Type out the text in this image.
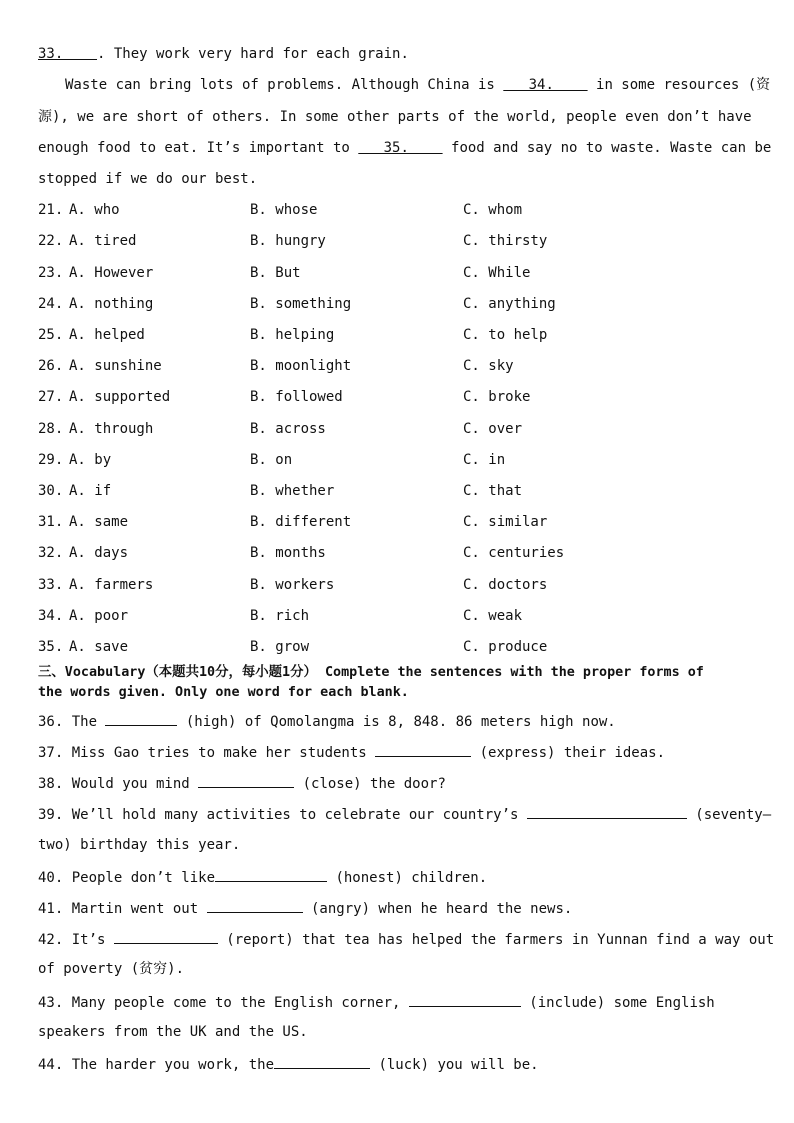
33.    . They work very hard for each grain.
Waste can bring lots of problems. Although China is    34.     in some resources (资
源), we are short of others. In some other parts of the world, people even don’t have
enough food to eat. It’s important to    35.     food and say no to waste. Waste can be
stopped if we do our best.
21. A. who	B. whose	C. whom
22. A. tired	B. hungry	C. thirsty
23. A. However	B. But	C. While
24. A. nothing	B. something	C. anything
25. A. helped	B. helping	C. to help
26. A. sunshine	B. moonlight	C. sky
27. A. supported	B. followed	C. broke
28. A. through	B. across	C. over
29. A. by	B. on	C. in
30. A. if	B. whether	C. that
31. A. same	B. different	C. similar
32. A. days	B. months	C. centuries
33. A. farmers	B. workers	C. doctors
34. A. poor	B. rich	C. weak
35. A. save	B. grow	C. produce
三、Vocabulary（本题共10分，每小题1分） Complete the sentences with the proper forms of
the words given. Only one word for each blank.
36. The	(high) of Qomolangma is 8, 848. 86 meters high now.
37. Miss Gao tries to make her students	(express) their ideas.
38. Would you mind	(close) the door?
39. We’ll hold many activities to celebrate our country’s	(seventy—
two) birthday this year.
40. People don’t like	(honest) children.
41. Martin went out	(angry) when he heard the news.
42. It’s	(report) that tea has helped the farmers in Yunnan find a way out
of poverty (贫穷).
43. Many people come to the English corner,	(include) some English
speakers from the UK and the US.
44. The harder you work, the	(luck) you will be.
